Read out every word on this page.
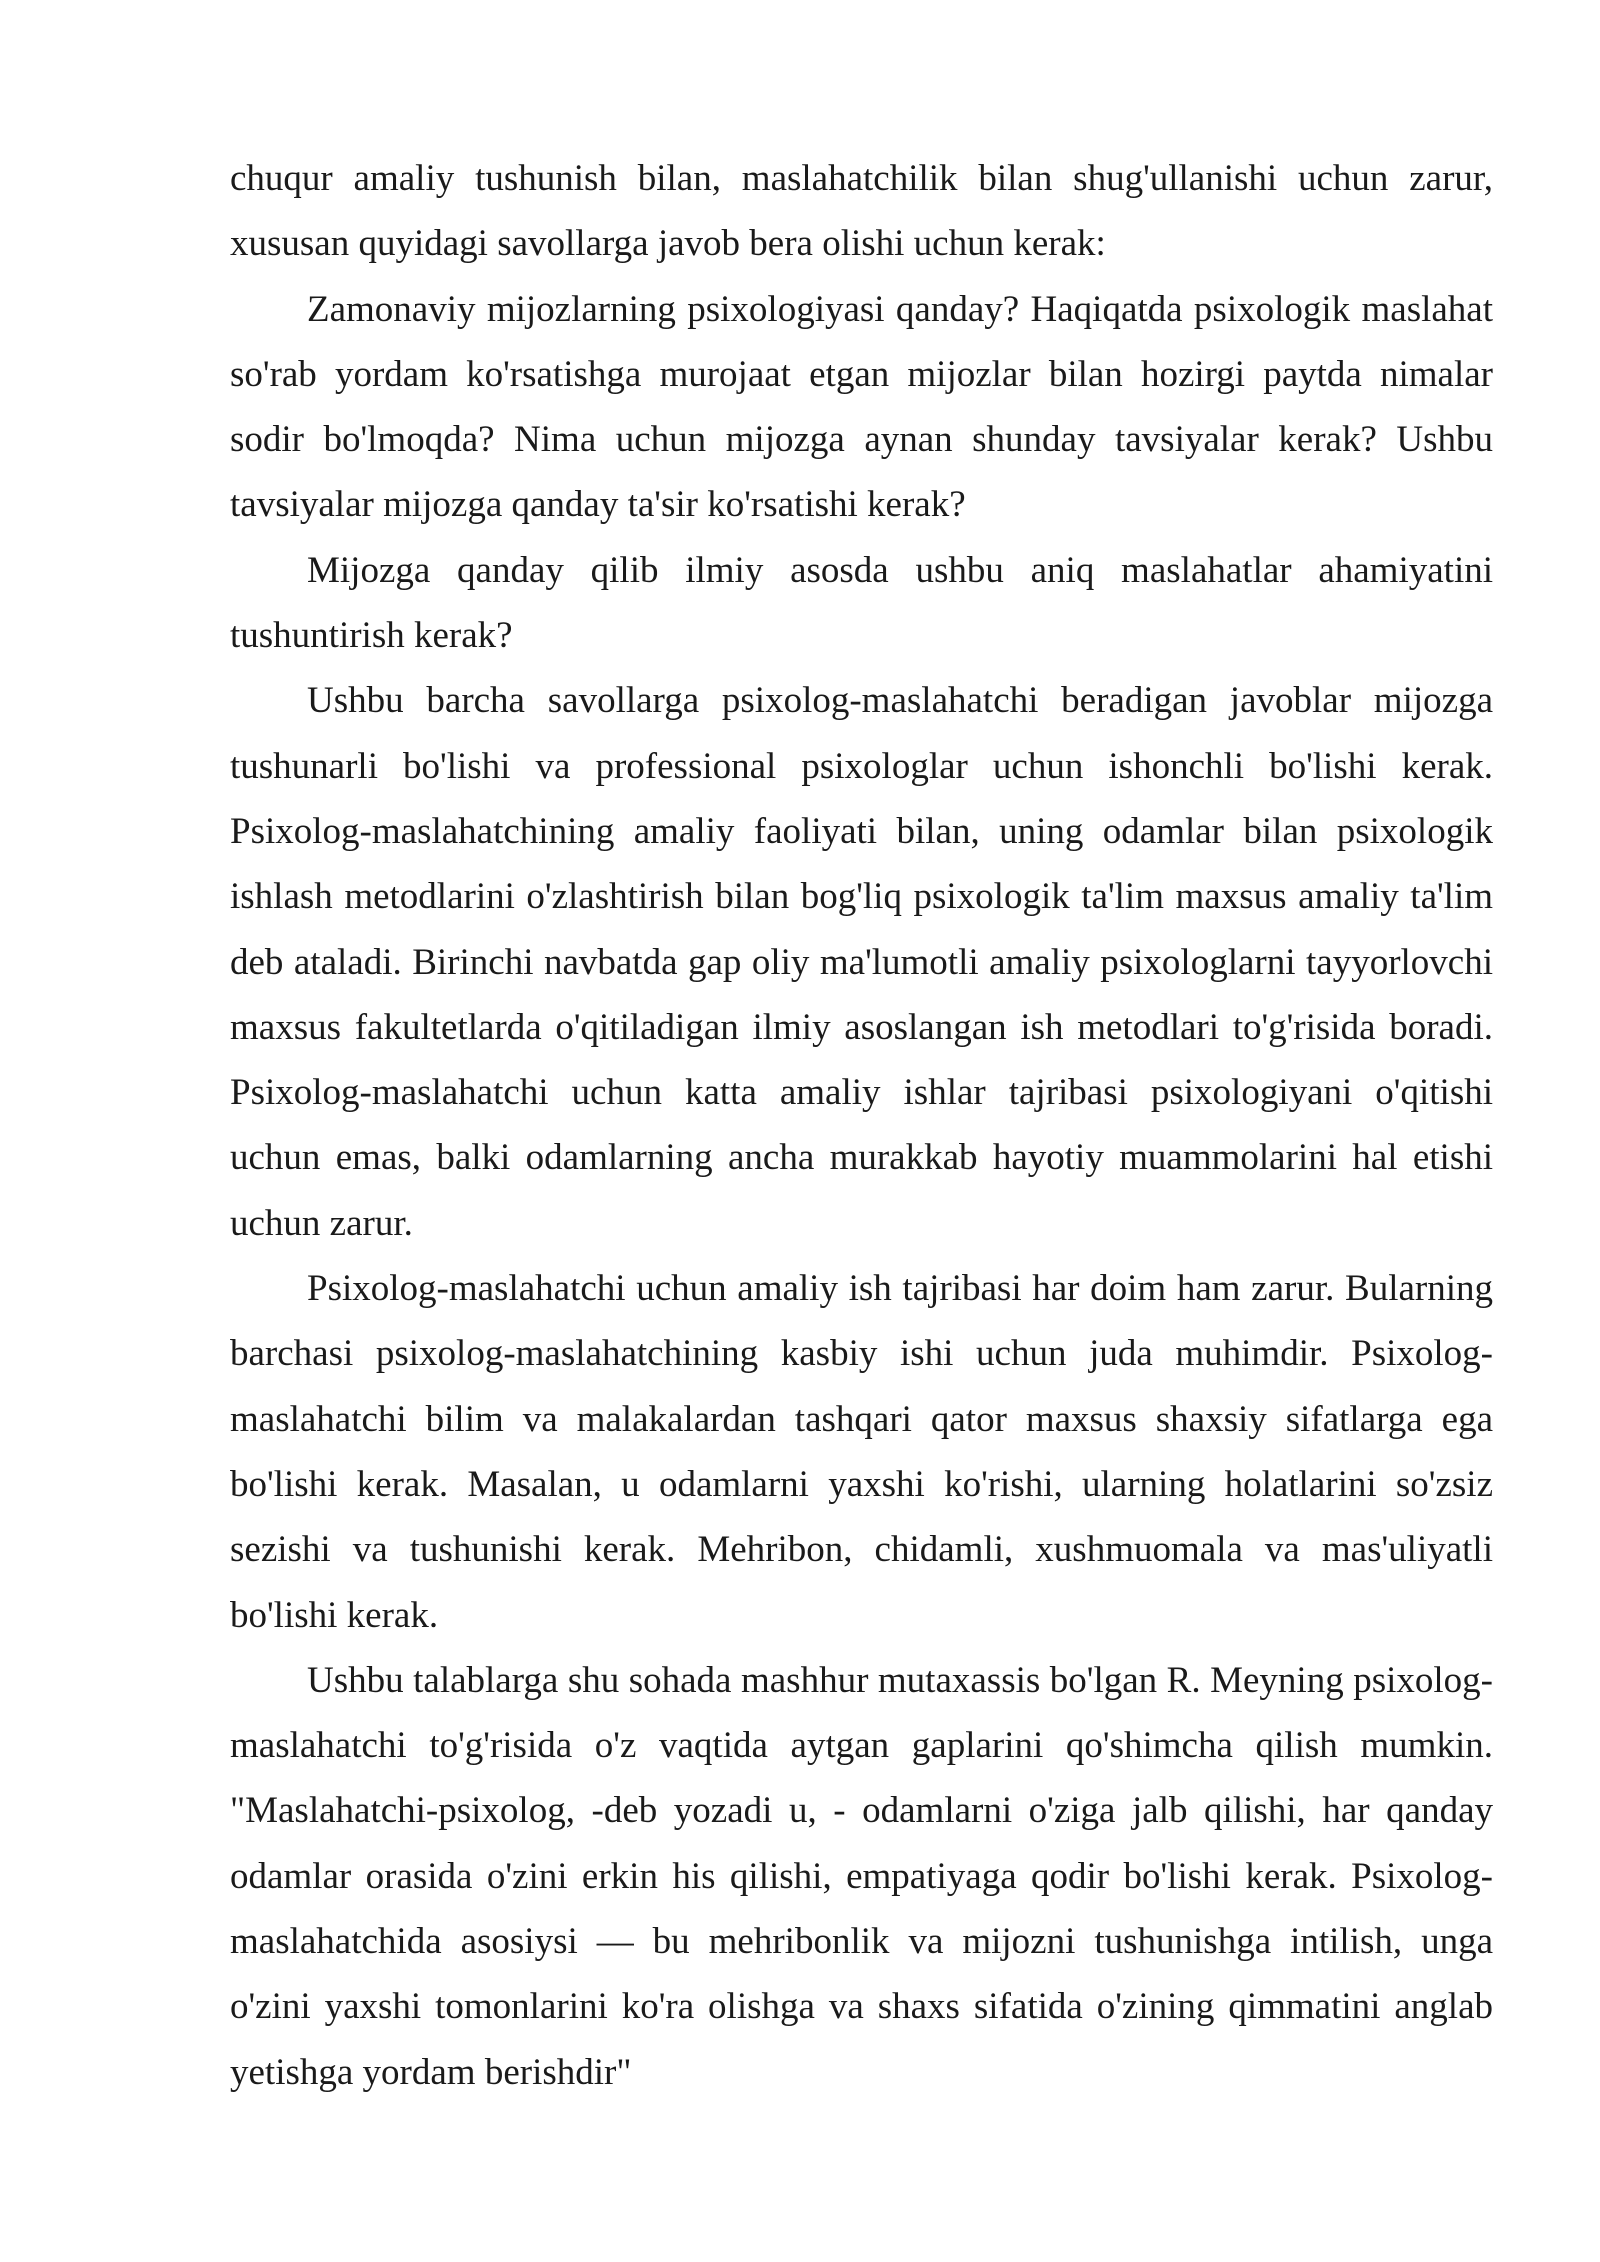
chuqur amaliy tushunish bilan, maslahatchilik bilan shug'ullanishi uchun zarur, xususan quyidagi savollarga javob bera olishi uchun kerak:

Zamonaviy mijozlarning psixologiyasi qanday? Haqiqatda psixologik maslahat so'rab yordam ko'rsatishga murojaat etgan mijozlar bilan hozirgi paytda nimalar sodir bo'lmoqda? Nima uchun mijozga aynan shunday tavsiyalar kerak? Ushbu tavsiyalar mijozga qanday ta'sir ko'rsatishi kerak?

Mijozga qanday qilib ilmiy asosda ushbu aniq maslahatlar ahamiyatini tushuntirish kerak?

Ushbu barcha savollarga psixolog-maslahatchi beradigan javoblar mijozga tushunarli bo'lishi va professional psixologlar uchun ishonchli bo'lishi kerak. Psixolog-maslahatchining amaliy faoliyati bilan, uning odamlar bilan psixologik ishlash metodlarini o'zlashtirish bilan bog'liq psixologik ta'lim maxsus amaliy ta'lim deb ataladi. Birinchi navbatda gap oliy ma'lumotli amaliy psixologlarni tayyorlovchi maxsus fakultetlarda o'qitiladigan ilmiy asoslangan ish metodlari to'g'risida boradi. Psixolog-maslahatchi uchun katta amaliy ishlar tajribasi psixologiyani o'qitishi uchun emas, balki odamlarning ancha murakkab hayotiy muammolarini hal etishi uchun zarur.

Psixolog-maslahatchi uchun amaliy ish tajribasi har doim ham zarur. Bularning barchasi psixolog-maslahatchining kasbiy ishi uchun juda muhimdir. Psixolog-maslahatchi bilim va malakalardan tashqari qator maxsus shaxsiy sifatlarga ega bo'lishi kerak. Masalan, u odamlarni yaxshi ko'rishi, ularning holatlarini so'zsiz sezishi va tushunishi kerak. Mehribon, chidamli, xushmuomala va mas'uliyatli bo'lishi kerak.

Ushbu talablarga shu sohada mashhur mutaxassis bo'lgan R. Meyning psixolog-maslahatchi to'g'risida o'z vaqtida aytgan gaplarini qo'shimcha qilish mumkin. "Maslahatchi-psixolog, -deb yozadi u, - odamlarni o'ziga jalb qilishi, har qanday odamlar orasida o'zini erkin his qilishi, empatiyaga qodir bo'lishi kerak. Psixolog-maslahatchida asosiysi — bu mehribonlik va mijozni tushunishga intilish, unga o'zini yaxshi tomonlarini ko'ra olishga va shaxs sifatida o'zining qimmatini anglab yetishga yordam berishdir"
